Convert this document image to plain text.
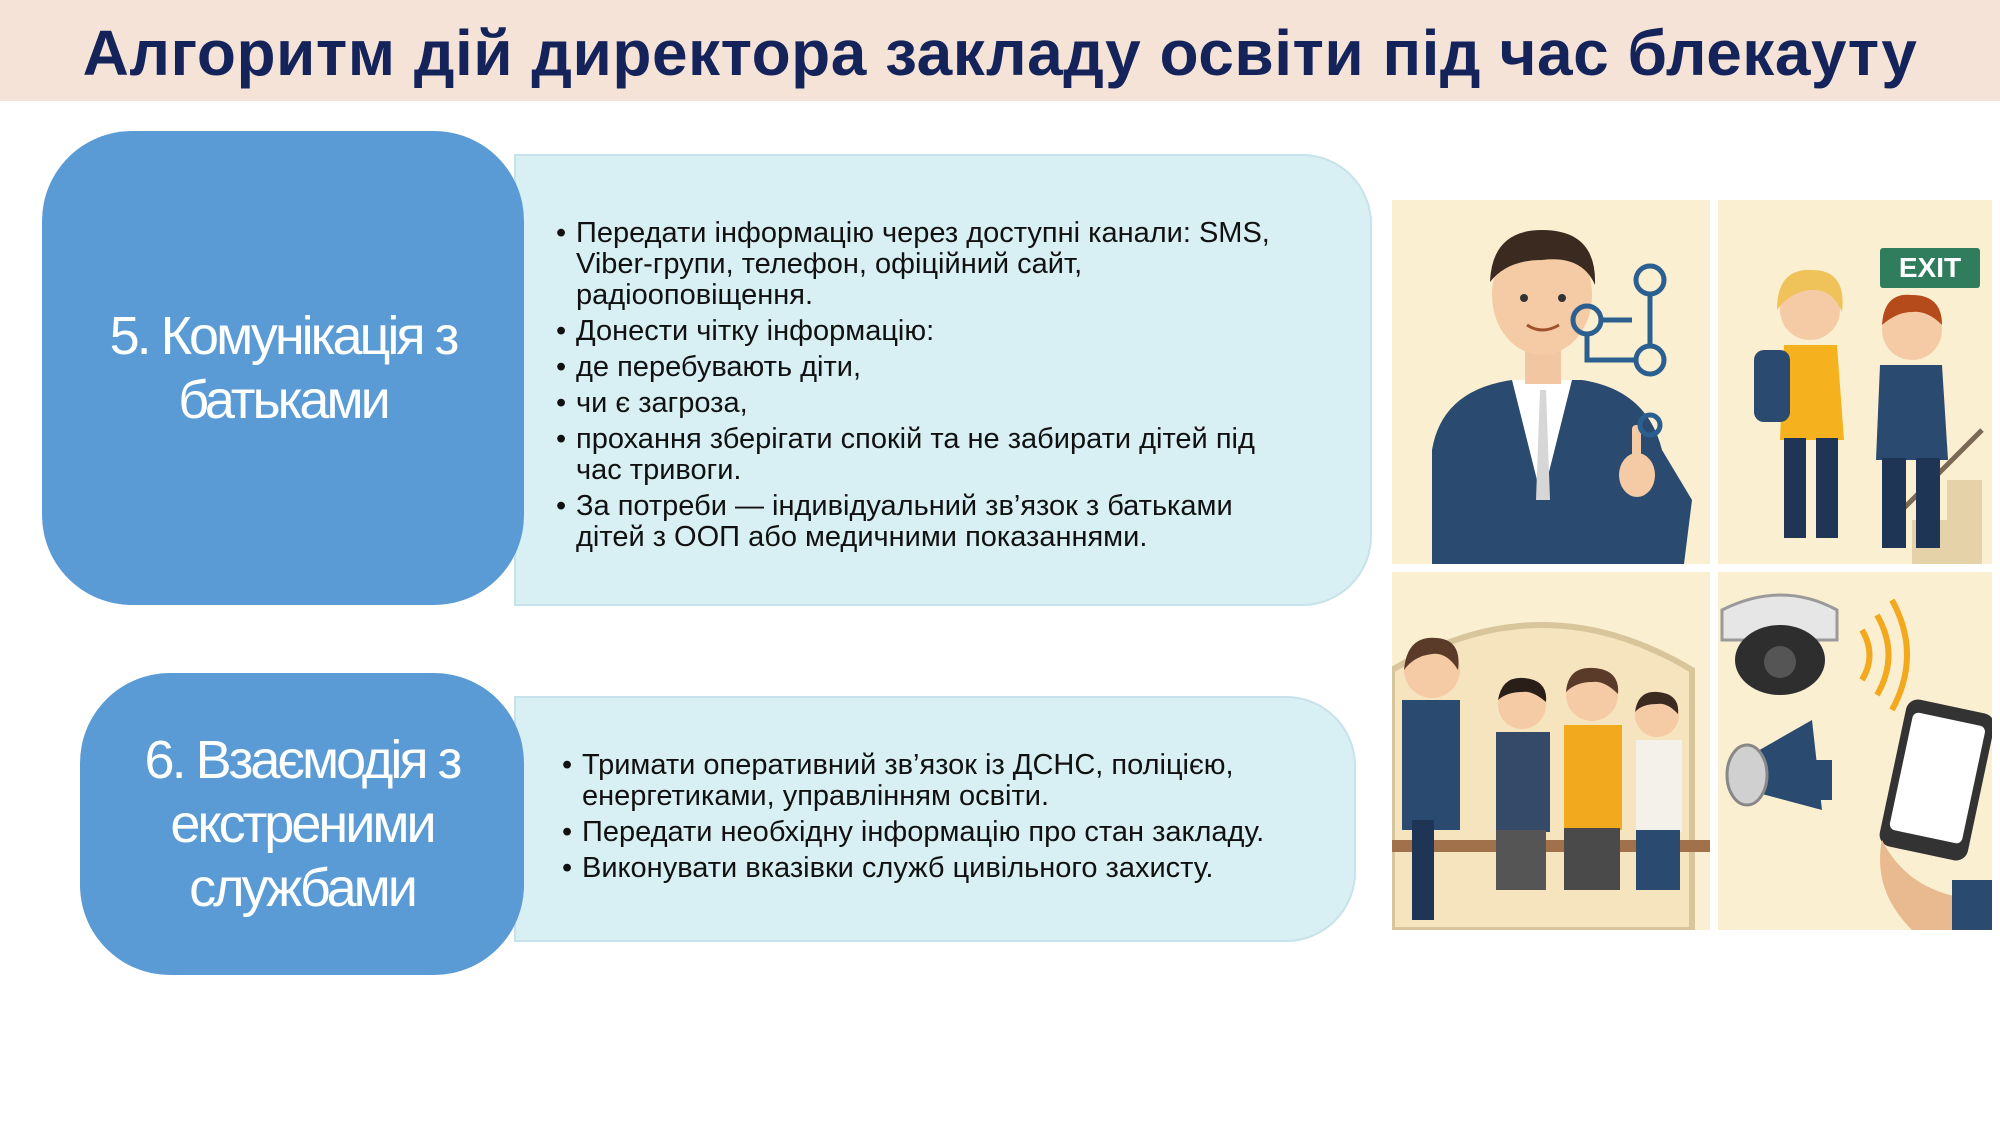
Алгоритм дій директора закладу освіти під час блекауту
• Передати інформацію через доступні канали: SMS, Viber-групи, телефон, офіційний сайт, радіооповіщення.
• Донести чітку інформацію:
• де перебувають діти,
• чи є загроза,
• прохання зберігати спокій та не забирати дітей під час тривоги.
• За потреби — індивідуальний зв’язок з батьками дітей з ООП або медичними показаннями.
5. Комунікація з
батьками
• Тримати оперативний зв’язок із ДСНС, поліцією, енергетиками, управлінням освіти.
• Передати необхідну інформацію про стан закладу.
• Виконувати вказівки служб цивільного захисту.
6. Взаємодія з
екстреними
службами
EXIT
